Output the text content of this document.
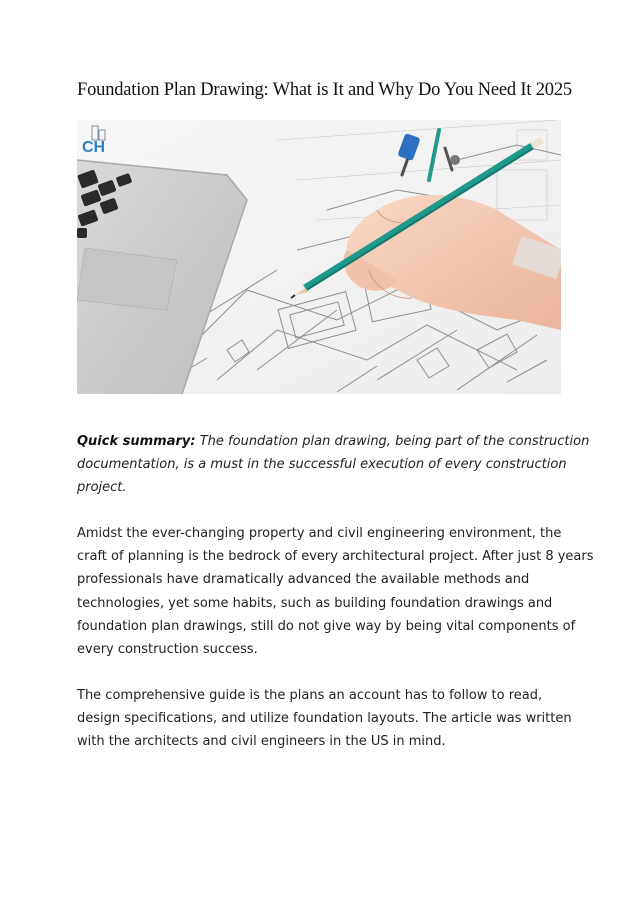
Foundation Plan Drawing: What is It and Why Do You Need It 2025
CH
Quick summary: The foundation plan drawing, being part of the construction
documentation, is a must in the successful execution of every construction
project.
Amidst the ever-changing property and civil engineering environment, the
craft of planning is the bedrock of every architectural project. After just 8 years
professionals have dramatically advanced the available methods and
technologies, yet some habits, such as building foundation drawings and
foundation plan drawings, still do not give way by being vital components of
every construction success.
The comprehensive guide is the plans an account has to follow to read,
design specifications, and utilize foundation layouts. The article was written
with the architects and civil engineers in the US in mind.
